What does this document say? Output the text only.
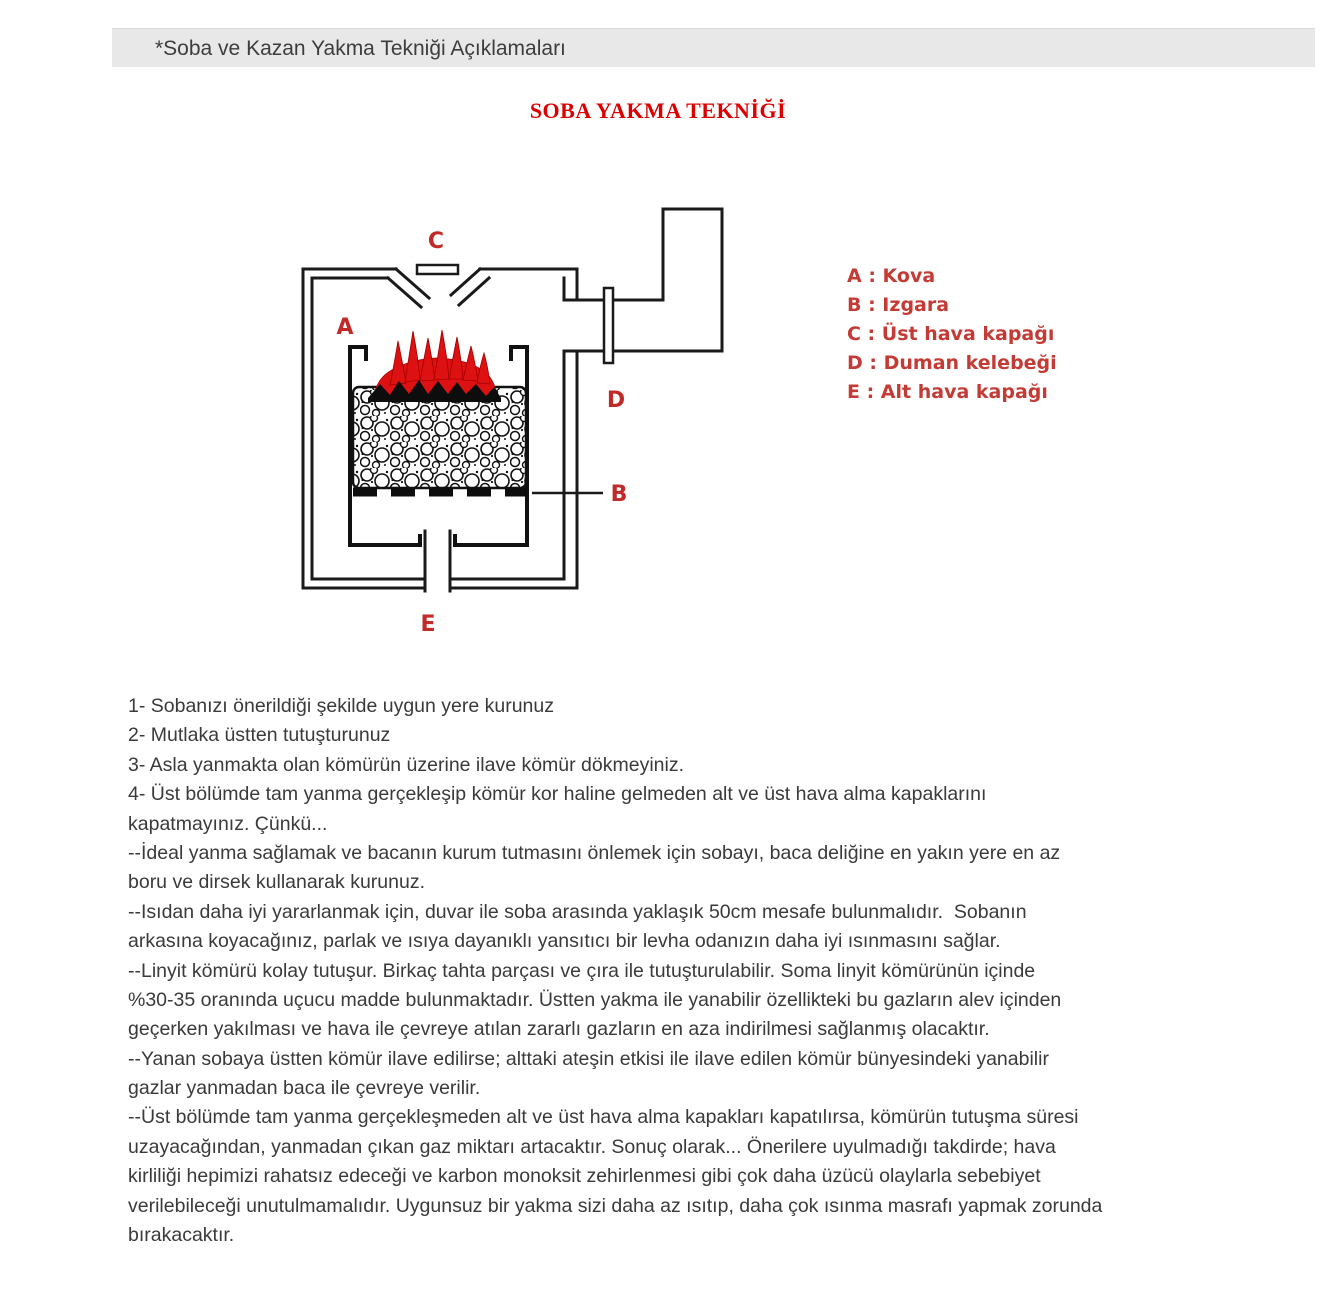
*Soba ve Kazan Yakma Tekniği Açıklamaları
SOBA YAKMA TEKNİĞİ
C
A
D
B
E
A : Kova
B : Izgara
C : Üst hava kapağı
D : Duman kelebeği
E : Alt hava kapağı
1- Sobanızı önerildiği şekilde uygun yere kurunuz
2- Mutlaka üstten tutuşturunuz
3- Asla yanmakta olan kömürün üzerine ilave kömür dökmeyiniz.
4- Üst bölümde tam yanma gerçekleşip kömür kor haline gelmeden alt ve üst hava alma kapaklarını
kapatmayınız. Çünkü...
--İdeal yanma sağlamak ve bacanın kurum tutmasını önlemek için sobayı, baca deliğine en yakın yere en az
boru ve dirsek kullanarak kurunuz.
--Isıdan daha iyi yararlanmak için, duvar ile soba arasında yaklaşık 50cm mesafe bulunmalıdır.  Sobanın
arkasına koyacağınız, parlak ve ısıya dayanıklı yansıtıcı bir levha odanızın daha iyi ısınmasını sağlar.
--Linyit kömürü kolay tutuşur. Birkaç tahta parçası ve çıra ile tutuşturulabilir. Soma linyit kömürünün içinde
%30-35 oranında uçucu madde bulunmaktadır. Üstten yakma ile yanabilir özellikteki bu gazların alev içinden
geçerken yakılması ve hava ile çevreye atılan zararlı gazların en aza indirilmesi sağlanmış olacaktır.
--Yanan sobaya üstten kömür ilave edilirse; alttaki ateşin etkisi ile ilave edilen kömür bünyesindeki yanabilir
gazlar yanmadan baca ile çevreye verilir.
--Üst bölümde tam yanma gerçekleşmeden alt ve üst hava alma kapakları kapatılırsa, kömürün tutuşma süresi
uzayacağından, yanmadan çıkan gaz miktarı artacaktır. Sonuç olarak... Önerilere uyulmadığı takdirde; hava
kirliliği hepimizi rahatsız edeceği ve karbon monoksit zehirlenmesi gibi çok daha üzücü olaylarla sebebiyet
verilebileceği unutulmamalıdır. Uygunsuz bir yakma sizi daha az ısıtıp, daha çok ısınma masrafı yapmak zorunda
bırakacaktır.
